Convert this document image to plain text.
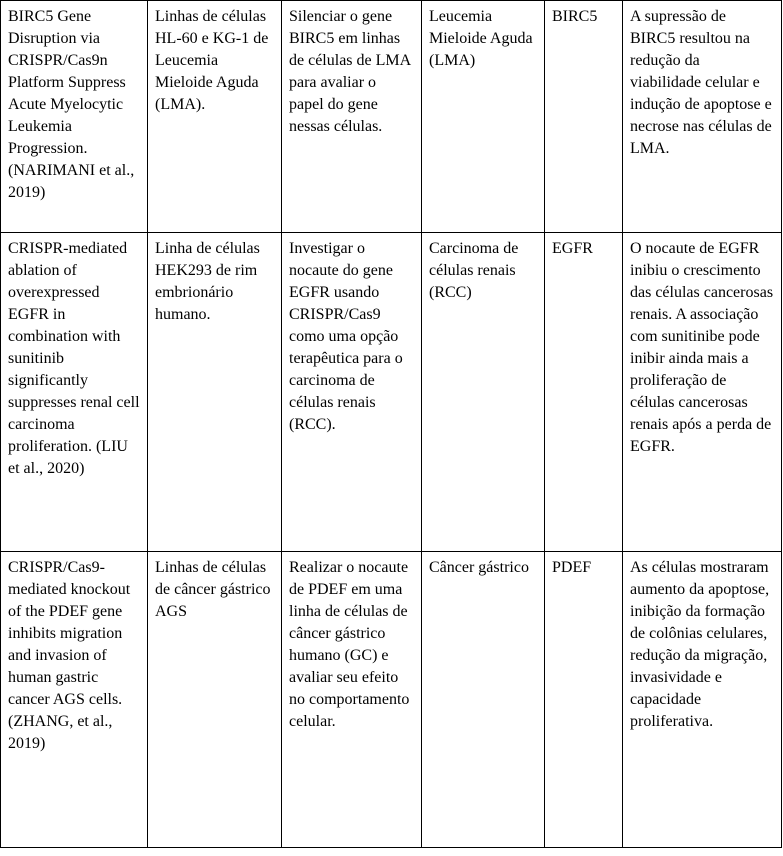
BIRC5 Gene Disruption via CRISPR/Cas9n Platform Suppress Acute Myelocytic Leukemia Progression. (NARIMANI et al., 2019)	Linhas de células HL-60 e KG-1 de Leucemia Mieloide Aguda (LMA).	Silenciar o gene BIRC5 em linhas de células de LMA para avaliar o papel do gene nessas células.	Leucemia Mieloide Aguda (LMA)	BIRC5	A supressão de BIRC5 resultou na redução da viabilidade celular e indução de apoptose e necrose nas células de LMA.
CRISPR-mediated ablation of overexpressed EGFR in combination with sunitinib significantly suppresses renal cell carcinoma proliferation. (LIU et al., 2020)	Linha de células HEK293 de rim embrionário humano.	Investigar o nocaute do gene EGFR usando CRISPR/Cas9 como uma opção terapêutica para o carcinoma de células renais (RCC).	Carcinoma de células renais (RCC)	EGFR	O nocaute de EGFR inibiu o crescimento das células cancerosas renais. A associação com sunitinibe pode inibir ainda mais a proliferação de células cancerosas renais após a perda de EGFR.
CRISPR/Cas9-mediated knockout of the PDEF gene inhibits migration and invasion of human gastric cancer AGS cells. (ZHANG, et al., 2019)	Linhas de células de câncer gástrico AGS	Realizar o nocaute de PDEF em uma linha de células de câncer gástrico humano (GC) e avaliar seu efeito no comportamento celular.	Câncer gástrico	PDEF	As células mostraram aumento da apoptose, inibição da formação de colônias celulares, redução da migração, invasividade e capacidade proliferativa.
